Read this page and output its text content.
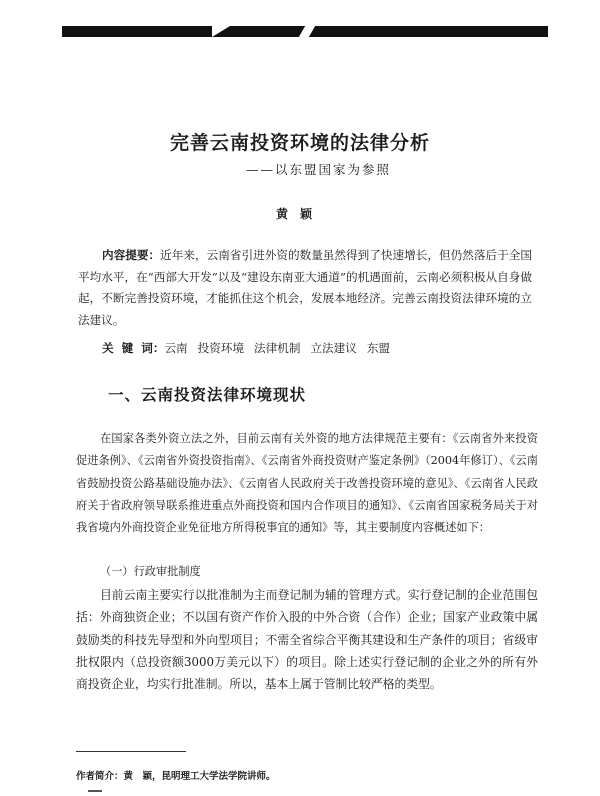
完善云南投资环境的法律分析
——以东盟国家为参照
黄颖

内容提要：近年来，云南省引进外资的数量虽然得到了快速增长，但仍然落后于全国平均水平，在“西部大开发”以及“建设东南亚大通道”的机遇面前，云南必须积极从自身做起，不断完善投资环境，才能抓住这个机会，发展本地经济。完善云南投资法律环境的立法建议。

关 键 词：云南 投资环境 法律机制 立法建议 东盟
一、云南投资法律环境现状

在国家各类外资立法之外，目前云南有关外资的地方法律规范主要有：《云南省外来投资促进条例》、《云南省外资投资指南》、《云南省外商投资财产鉴定条例》（2004年修订）、《云南省鼓励投资公路基础设施办法》、《云南省人民政府关于改善投资环境的意见》、《云南省人民政府关于省政府领导联系推进重点外商投资和国内合作项目的通知》、《云南省国家税务局关于对我省境内外商投资企业免征地方所得税事宜的通知》等，其主要制度内容概述如下：

（一）行政审批制度

目前云南主要实行以批准制为主而登记制为辅的管理方式。实行登记制的企业范围包括：外商独资企业；不以国有资产作价入股的中外合资（合作）企业；国家产业政策中属鼓励类的科技先导型和外向型项目；不需全省综合平衡其建设和生产条件的项目；省级审批权限内（总投资额3000万美元以下）的项目。除上述实行登记制的企业之外的所有外商投资企业，均实行批准制。所以，基本上属于管制比较严格的类型。

作者简介：黄　颖，昆明理工大学法学院讲师。
